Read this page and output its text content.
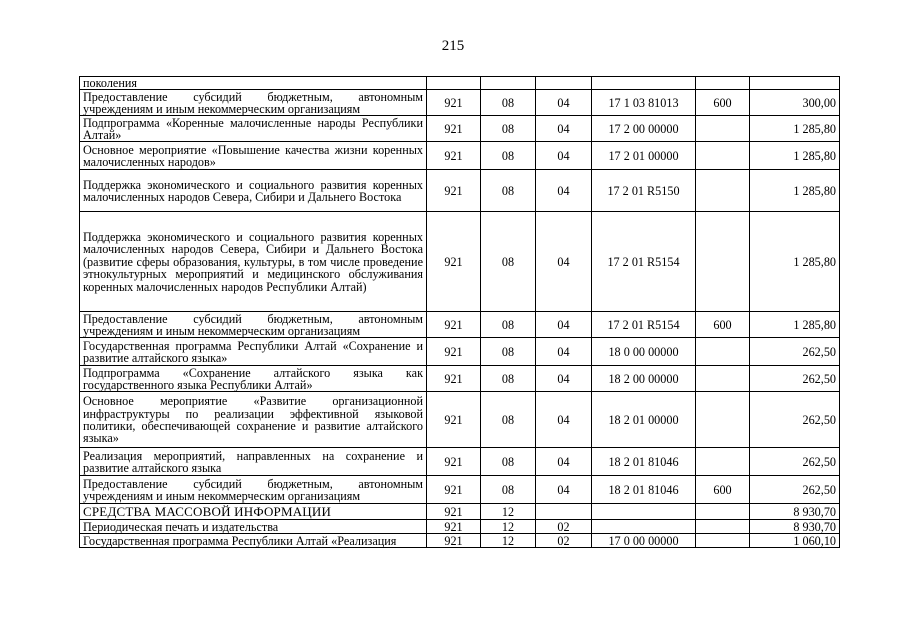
215
поколения						
Предоставление субсидий бюджетным, автономным учреждениям и иным некоммерческим организациям	921	08	04	17 1 03 81013	600	300,00
Подпрограмма «Коренные малочисленные народы Республики Алтай»	921	08	04	17 2 00 00000		1 285,80
Основное мероприятие «Повышение качества жизни коренных малочисленных народов»	921	08	04	17 2 01 00000		1 285,80
Поддержка экономического и социального развития коренных малочисленных народов Севера, Сибири и Дальнего Востока	921	08	04	17 2 01 R5150		1 285,80
Поддержка экономического и социального развития коренных малочисленных народов Севера, Сибири и Дальнего Востока (развитие сферы образования, культуры, в том числе проведение этнокультурных мероприятий и медицинского обслуживания коренных малочисленных народов Республики Алтай)	921	08	04	17 2 01 R5154		1 285,80
Предоставление субсидий бюджетным, автономным учреждениям и иным некоммерческим организациям	921	08	04	17 2 01 R5154	600	1 285,80
Государственная программа Республики Алтай «Сохранение и развитие алтайского языка»	921	08	04	18 0 00 00000		262,50
Подпрограмма «Сохранение алтайского языка как государственного языка Республики Алтай»	921	08	04	18 2 00 00000		262,50
Основное мероприятие «Развитие организационной инфраструктуры по реализации эффективной языковой политики, обеспечивающей сохранение и развитие алтайского языка»	921	08	04	18 2 01 00000		262,50
Реализация мероприятий, направленных на сохранение и развитие алтайского языка	921	08	04	18 2 01 81046		262,50
Предоставление субсидий бюджетным, автономным учреждениям и иным некоммерческим организациям	921	08	04	18 2 01 81046	600	262,50
СРЕДСТВА МАССОВОЙ ИНФОРМАЦИИ	921	12				8 930,70
Периодическая печать и издательства	921	12	02			8 930,70
Государственная программа Республики Алтай «Реализация	921	12	02	17 0 00 00000		1 060,10
